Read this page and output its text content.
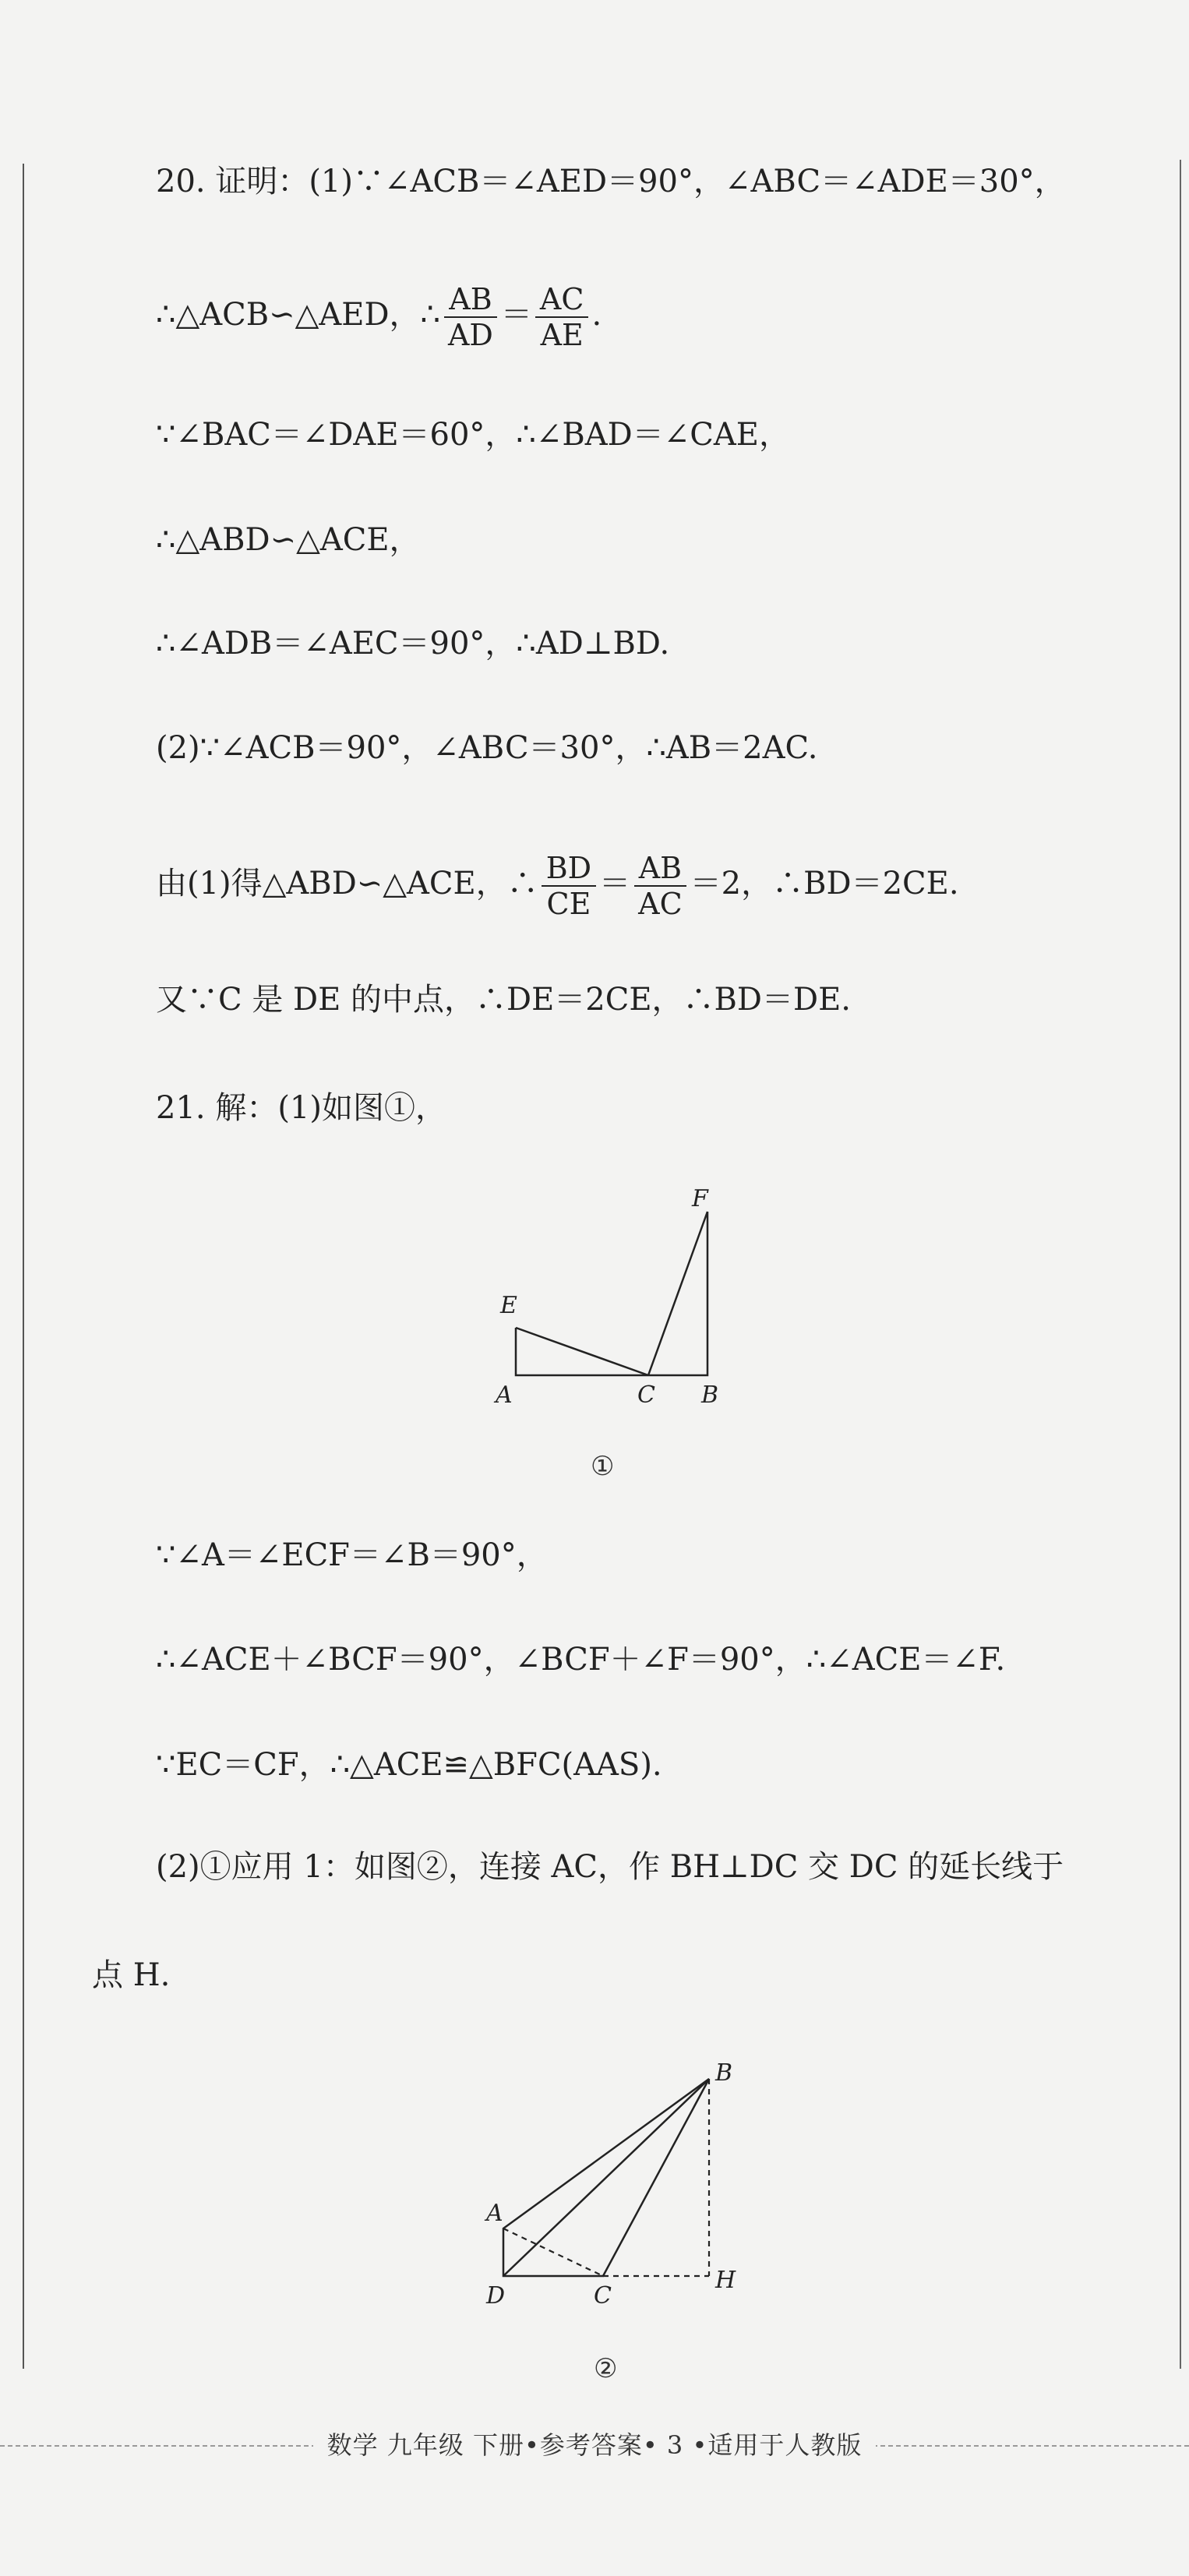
20. 证明：(1)∵∠ACB＝∠AED＝90°，∠ABC＝∠ADE＝30°，
∴△ACB∽△AED，∴ $\frac{AB}{AD} = \frac{AC}{AE}$ .
∵∠BAC＝∠DAE＝60°，∴∠BAD＝∠CAE，
∴△ABD∽△ACE，
∴∠ADB＝∠AEC＝90°，∴AD⊥BD.
(2)∵∠ACB＝90°，∠ABC＝30°，∴AB＝2AC.
由(1)得△ABD∽△ACE，∴ $\frac{BD}{CE} = \frac{AB}{AC} =2$，∴BD＝2CE.
又∵C 是 DE 的中点，∴DE＝2CE，∴BD＝DE.
21. 解：(1)如图①，
E
F
A	C B
①
∵∠A＝∠ECF＝∠B＝90°，
∴∠ACE＋∠BCF＝90°，∠BCF＋∠F＝90°，∴∠ACE＝∠F.
∵EC＝CF，∴△ACE≌△BFC(AAS).
(2)①应用 1：如图②，连接 AC，作 BH⊥DC 交 DC 的延长线于
点 H.
B
A
D	C
H
②
数学 九年级 下册•参考答案• 3 •适用于人教版
